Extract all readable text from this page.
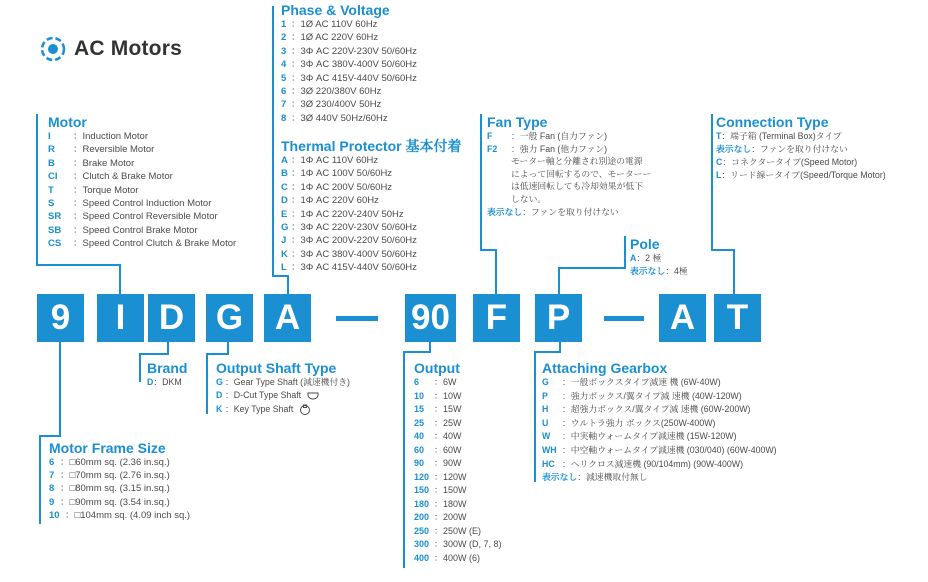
AC Motors
Motor
I	：Induction Motor
R	：Reversible Motor
B	：Brake Motor
CI	：Clutch & Brake Motor
T	：Torque Motor
S	：Speed Control Induction Motor
SR	：Speed Control Reversible Motor
SB	：Speed Control Brake Motor
CS	：Speed Control Clutch & Brake Motor
Phase & Voltage
1 ：1Ø AC 110V 60Hz
2 ：1Ø AC 220V 60Hz
3 ：3Φ AC 220V-230V 50/60Hz
4 ：3Φ AC 380V-400V 50/60Hz
5 ：3Φ AC 415V-440V 50/60Hz
6 ：3Ø 220/380V 60Hz
7 ：3Ø 230/400V 50Hz
8 ：3Ø 440V 50Hz/60Hz
Thermal Protector 基本付着
A ：1Φ AC 110V 60Hz
B ：1Φ AC 100V 50/60Hz
C ：1Φ AC 200V 50/60Hz
D ：1Φ AC 220V 60Hz
E ：1Φ AC 220V-240V 50Hz
G ：3Φ AC 220V-230V 50/60Hz
J ：3Φ AC 200V-220V 50/60Hz
K ：3Φ AC 380V-400V 50/60Hz
L ：3Φ AC 415V-440V 50/60Hz
Fan Type
F	：一般 Fan (自力ファン)
F2	：強力 Fan (他力ファン)
モーター軸と分離され別途の電源
によって回転するので、モーターー
は低速回転しても冷却効果が低下
しない。
表示なし ：ファンを取り付けない
Connection Type
T ：端子箱 (Terminal Box)タイプ
表示なし ：ファンを取り付けない
C ：コネクタータイプ(Speed Motor)
L ：リード線ータイプ(Speed/Torque Motor)
Pole
A ：2 極
表示なし ：4極
9	I D G A	90	F	P	A T
Brand
D ：DKM
Output Shaft Type
G ：Gear Type Shaft (減速機付き)
D ：D-Cut Type Shaft
K ：Key Type Shaft
Motor Frame Size
6 ：□60mm sq. (2.36 in.sq.)
7 ：□70mm sq. (2.76 in.sq.)
8 ：□80mm sq. (3.15 in.sq.)
9 ：□90mm sq. (3.54 in.sq.)
10 ：□104mm sq. (4.09 inch sq.)
Output
6	：6W
10	：10W
15	：15W
25	：25W
40	：40W
60	：60W
90	：90W
120 ：120W
150 ：150W
180 ：180W
200 ：200W
250 ：250W (E)
300 ：300W (D, 7, 8)
400 ：400W (6)
Attaching Gearbox
G	：一般ボックスタイプ減速 機 (6W-40W)
P	：強力ボックス/翼タイプ減 速機 (40W-120W)
H	：超強力ボックス/翼タイプ減 速機 (60W-200W)
U	：ウルトラ強力 ボックス(250W-400W)
W	：中実軸ウォームタイプ減速機 (15W-120W)
WH ：中空軸ウォームタイプ減速機 (030/040) (60W-400W)
HC ：ヘリクロス減速機 (90/104mm) (90W-400W)
表示なし ：減速機取付無し
